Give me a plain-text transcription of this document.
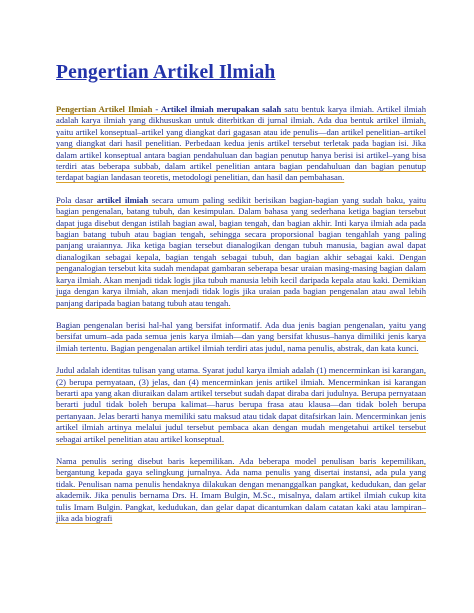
Pengertian Artikel Ilmiah

Pengertian Artikel Ilmiah - Artikel ilmiah merupakan salah satu bentuk karya ilmiah. Artikel ilmiah adalah karya ilmiah yang dikhususkan untuk diterbitkan di jurnal ilmiah. Ada dua bentuk artikel ilmiah, yaitu artikel konseptual–artikel yang diangkat dari gagasan atau ide penulis—dan artikel penelitian–artikel yang diangkat dari hasil penelitian. Perbedaan kedua jenis artikel tersebut terletak pada bagian isi. Jika dalam artikel konseptual antara bagian pendahuluan dan bagian penutup hanya berisi isi artikel–yang bisa terdiri atas beberapa subbab, dalam artikel penelitian antara bagian pendahuluan dan bagian penutup terdapat bagian landasan teoretis, metodologi penelitian, dan hasil dan pembahasan.

Pola dasar artikel ilmiah secara umum paling sedikit berisikan bagian-bagian yang sudah baku, yaitu bagian pengenalan, batang tubuh, dan kesimpulan. Dalam bahasa yang sederhana ketiga bagian tersebut dapat juga disebut dengan istilah bagian awal, bagian tengah, dan bagian akhir. Inti karya ilmiah ada pada bagian batang tubuh atau bagian tengah, sehingga secara proporsional bagian tengahlah yang paling panjang uraiannya. Jika ketiga bagian tersebut dianalogikan dengan tubuh manusia, bagian awal dapat dianalogikan sebagai kepala, bagian tengah sebagai tubuh, dan bagian akhir sebagai kaki. Dengan penganalogian tersebut kita sudah mendapat gambaran seberapa besar uraian masing-masing bagian dalam karya ilmiah. Akan menjadi tidak logis jika tubuh manusia lebih kecil daripada kepala atau kaki. Demikian juga dengan karya ilmiah, akan menjadi tidak logis jika uraian pada bagian pengenalan atau awal lebih panjang daripada bagian batang tubuh atau tengah.

Bagian pengenalan berisi hal-hal yang bersifat informatif. Ada dua jenis bagian pengenalan, yaitu yang bersifat umum–ada pada semua jenis karya ilmiah—dan yang bersifat khusus–hanya dimiliki jenis karya ilmiah tertentu. Bagian pengenalan artikel ilmiah terdiri atas judul, nama penulis, abstrak, dan kata kunci.

Judul adalah identitas tulisan yang utama. Syarat judul karya ilmiah adalah (1) mencerminkan isi karangan, (2) berupa pernyataan, (3) jelas, dan (4) mencerminkan jenis artikel ilmiah. Mencerminkan isi karangan berarti apa yang akan diuraikan dalam artikel tersebut sudah dapat diraba dari judulnya. Berupa pernyataan berarti judul tidak boleh berupa kalimat—harus berupa frasa atau klausa—dan tidak boleh berupa pertanyaan. Jelas berarti hanya memiliki satu maksud atau tidak dapat ditafsirkan lain. Mencerminkan jenis artikel ilmiah artinya melalui judul tersebut pembaca akan dengan mudah mengetahui artikel tersebut sebagai artikel penelitian atau artikel konseptual.

Nama penulis sering disebut baris kepemilikan. Ada beberapa model penulisan baris kepemilikan, bergantung kepada gaya selingkung jurnalnya. Ada nama penulis yang disertai instansi, ada pula yang tidak. Penulisan nama penulis hendaknya dilakukan dengan menanggalkan pangkat, kedudukan, dan gelar akademik. Jika penulis bernama Drs. H. Imam Bulgin, M.Sc., misalnya, dalam artikel ilmiah cukup kita tulis Imam Bulgin. Pangkat, kedudukan, dan gelar dapat dicantumkan dalam catatan kaki atau lampiran–jika ada biografi
